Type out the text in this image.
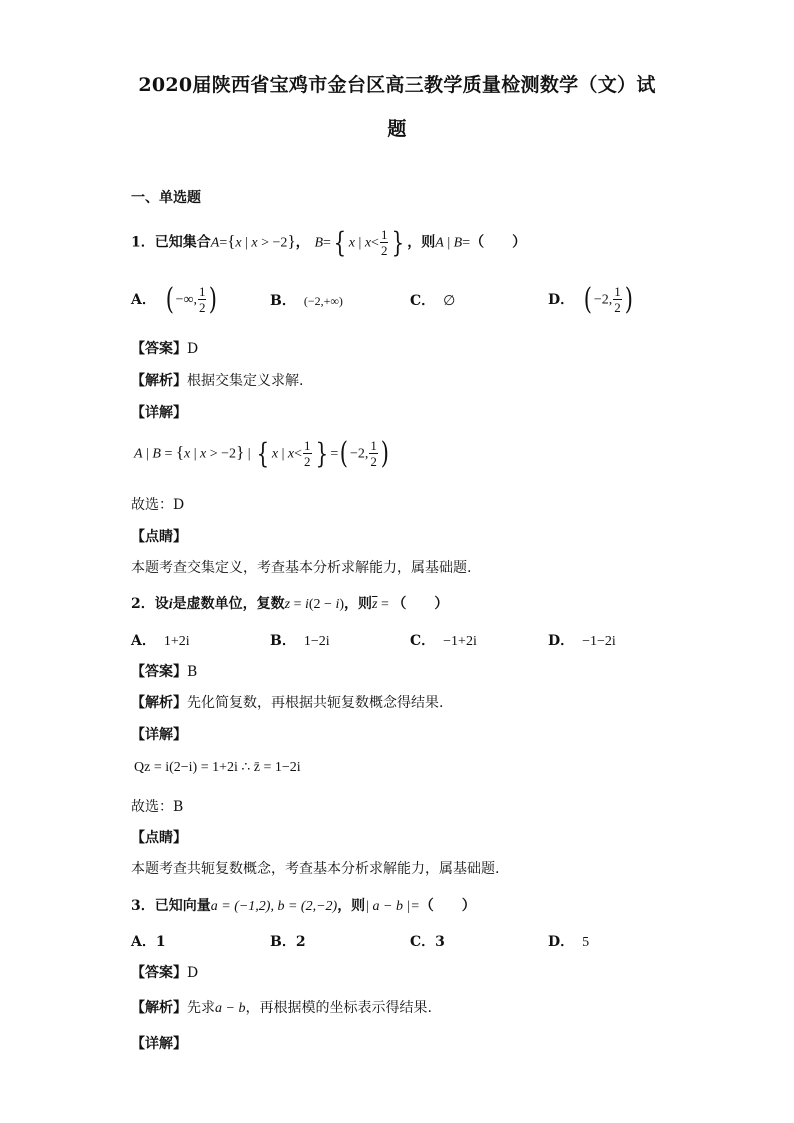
2020届陕西省宝鸡市金台区高三教学质量检测数学（文）试
题
一、单选题
1．已知集合A={x | x > −2}， B={ x | $x< \frac{1}{2}$ } ，则A | B=（　　）
A． ( −∞, $\frac{1}{2}$ )	B． (−2,+∞)	C． ∅	D． ( −2, $\frac{1}{2}$ )
【答案】D
【解析】根据交集定义求解.
【详解】
A | B = {x | x > −2} | { x | $x< \frac{1}{2}$ } =( −2, $\frac{1}{2}$ )
故选：D
【点睛】
本题考查交集定义，考查基本分析求解能力，属基础题.
2．设i是虚数单位，复数z = i(2 − i)，则$\overline{z}$ = （　　）
A． 1+2i	B． 1−2i	C． −1+2i	D． −1−2i
【答案】B
【解析】先化简复数，再根据共轭复数概念得结果.
【详解】
Qz = i(2−i) = 1+2i ∴ z̄ = 1−2i
故选：B
【点睛】
本题考查共轭复数概念，考查基本分析求解能力，属基础题.
3．已知向量a = (−1,2), b = (2,−2)，则| a − b |=（　　）
A．1	B．2	C．3	D． 5
【答案】D
【解析】先求a − b，再根据模的坐标表示得结果.
【详解】
